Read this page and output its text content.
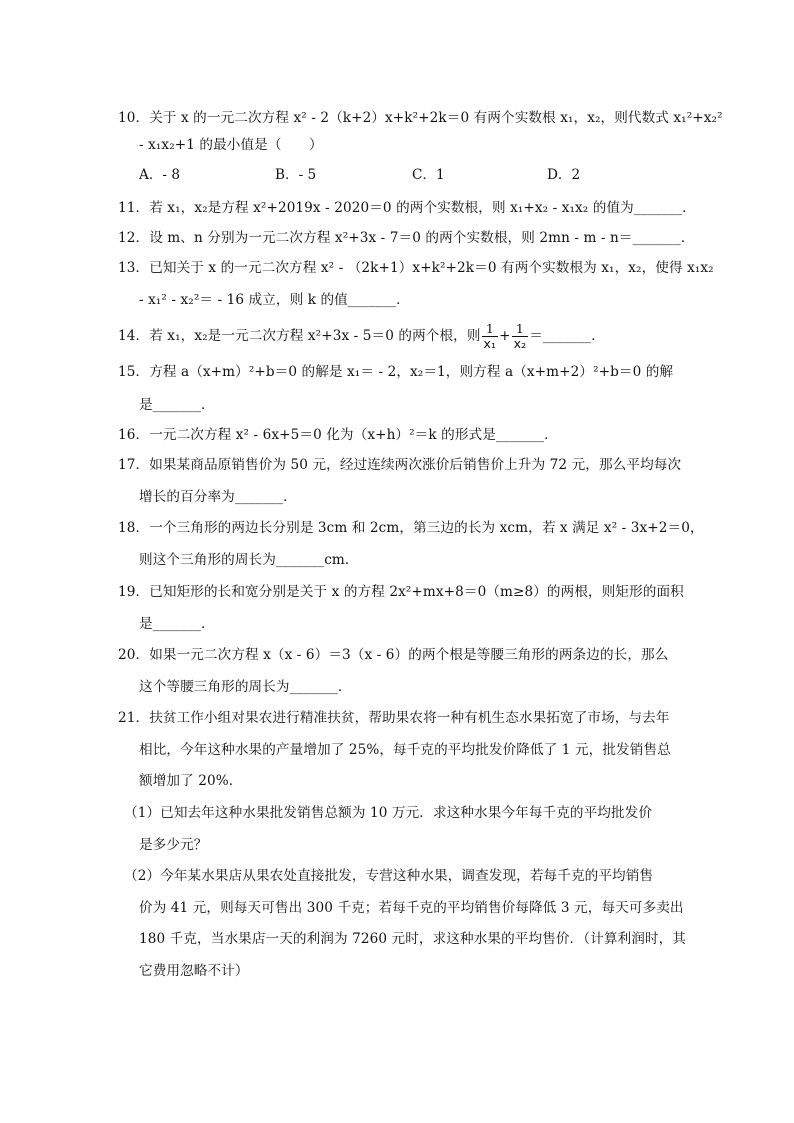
10．关于 x 的一元二次方程 x² - 2（k+2）x+k²+2k＝0 有两个实数根 x₁，x₂，则代数式 x₁²+x₂²
- x₁x₂+1 的最小值是（　　）
11．若 x₁，x₂是方程 x²+2019x - 2020＝0 的两个实数根，则 x₁+x₂ - x₁x₂ 的值为_______．
12．设 m、n 分别为一元二次方程 x²+3x - 7＝0 的两个实数根，则 2mn - m - n＝_______．
13．已知关于 x 的一元二次方程 x² - （2k+1）x+k²+2k＝0 有两个实数根为 x₁，x₂，使得 x₁x₂
- x₁² - x₂²＝ - 16 成立，则 k 的值_______．
15．方程 a（x+m）²+b＝0 的解是 x₁＝ - 2，x₂＝1，则方程 a（x+m+2）²+b＝0 的解
是_______．
16．一元二次方程 x² - 6x+5＝0 化为（x+h）²＝k 的形式是_______．
17．如果某商品原销售价为 50 元，经过连续两次涨价后销售价上升为 72 元，那么平均每次
增长的百分率为_______．
18．一个三角形的两边长分别是 3cm 和 2cm，第三边的长为 xcm，若 x 满足 x² - 3x+2＝0，
则这个三角形的周长为_______cm．
19．已知矩形的长和宽分别是关于 x 的方程 2x²+mx+8＝0（m≥8）的两根，则矩形的面积
是_______．
20．如果一元二次方程 x（x - 6）＝3（x - 6）的两个根是等腰三角形的两条边的长，那么
这个等腰三角形的周长为_______．
21．扶贫工作小组对果农进行精准扶贫，帮助果农将一种有机生态水果拓宽了市场，与去年
相比，今年这种水果的产量增加了 25%，每千克的平均批发价降低了 1 元，批发销售总
额增加了 20%．
（1）已知去年这种水果批发销售总额为 10 万元．求这种水果今年每千克的平均批发价
是多少元？
（2）今年某水果店从果农处直接批发，专营这种水果，调查发现，若每千克的平均销售
价为 41 元，则每天可售出 300 千克；若每千克的平均销售价每降低 3 元，每天可多卖出
180 千克，当水果店一天的利润为 7260 元时，求这种水果的平均售价．（计算利润时，其
它费用忽略不计）
A．- 8	B．- 5	C．1	D．2
14．若 x₁，x₂是一元二次方程 x²+3x - 5＝0 的两个根，则 $\frac{1}{\text{x₁}} + \frac{1}{\text{x₂}}$ ＝_______．
